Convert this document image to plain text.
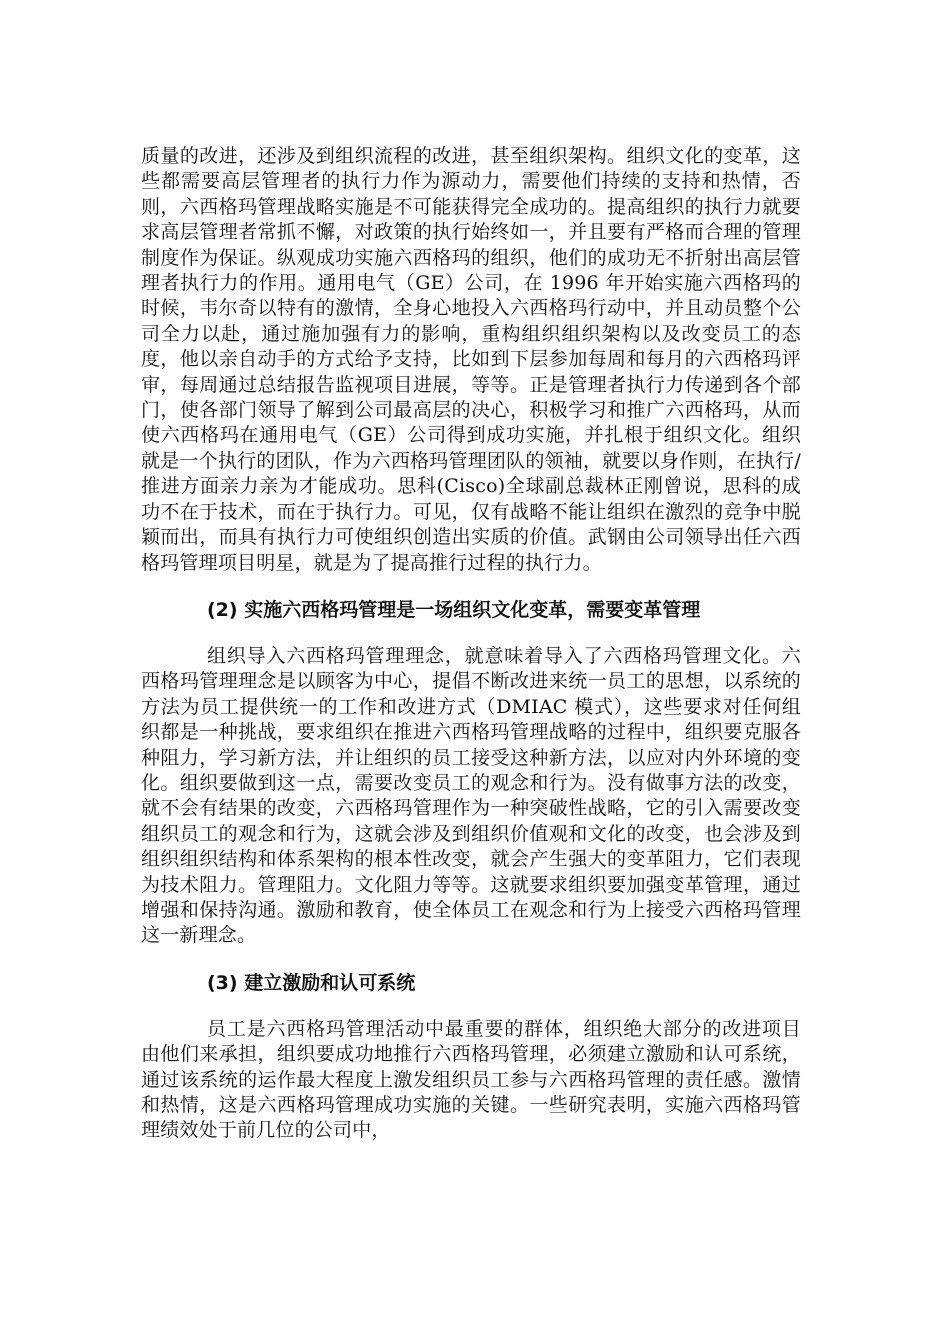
质量的改进，还涉及到组织流程的改进，甚至组织架构。组织文化的变革，这些都需要高层管理者的执行力作为源动力，需要他们持续的支持和热情，否则，六西格玛管理战略实施是不可能获得完全成功的。提高组织的执行力就要求高层管理者常抓不懈，对政策的执行始终如一，并且要有严格而合理的管理制度作为保证。纵观成功实施六西格玛的组织，他们的成功无不折射出高层管理者执行力的作用。通用电气（GE）公司，在 1996 年开始实施六西格玛的时候，韦尔奇以特有的激情，全身心地投入六西格玛行动中，并且动员整个公司全力以赴，通过施加强有力的影响，重构组织组织架构以及改变员工的态度，他以亲自动手的方式给予支持，比如到下层参加每周和每月的六西格玛评审，每周通过总结报告监视项目进展，等等。正是管理者执行力传递到各个部门，使各部门领导了解到公司最高层的决心，积极学习和推广六西格玛，从而使六西格玛在通用电气（GE）公司得到成功实施，并扎根于组织文化。组织就是一个执行的团队，作为六西格玛管理团队的领袖，就要以身作则，在执行/推进方面亲力亲为才能成功。思科(Cisco)全球副总裁林正刚曾说，思科的成功不在于技术，而在于执行力。可见，仅有战略不能让组织在激烈的竞争中脱颖而出，而具有执行力可使组织创造出实质的价值。武钢由公司领导出任六西格玛管理项目明星，就是为了提高推行过程的执行力。

(2) 实施六西格玛管理是一场组织文化变革，需要变革管理

组织导入六西格玛管理理念，就意味着导入了六西格玛管理文化。六西格玛管理理念是以顾客为中心，提倡不断改进来统一员工的思想，以系统的方法为员工提供统一的工作和改进方式（DMIAC 模式），这些要求对任何组织都是一种挑战，要求组织在推进六西格玛管理战略的过程中，组织要克服各种阻力，学习新方法，并让组织的员工接受这种新方法，以应对内外环境的变化。组织要做到这一点，需要改变员工的观念和行为。没有做事方法的改变，就不会有结果的改变，六西格玛管理作为一种突破性战略，它的引入需要改变组织员工的观念和行为，这就会涉及到组织价值观和文化的改变，也会涉及到组织组织结构和体系架构的根本性改变，就会产生强大的变革阻力，它们表现为技术阻力。管理阻力。文化阻力等等。这就要求组织要加强变革管理，通过增强和保持沟通。激励和教育，使全体员工在观念和行为上接受六西格玛管理这一新理念。

(3) 建立激励和认可系统

员工是六西格玛管理活动中最重要的群体，组织绝大部分的改进项目由他们来承担，组织要成功地推行六西格玛管理，必须建立激励和认可系统，通过该系统的运作最大程度上激发组织员工参与六西格玛管理的责任感。激情和热情，这是六西格玛管理成功实施的关键。一些研究表明，实施六西格玛管理绩效处于前几位的公司中，
